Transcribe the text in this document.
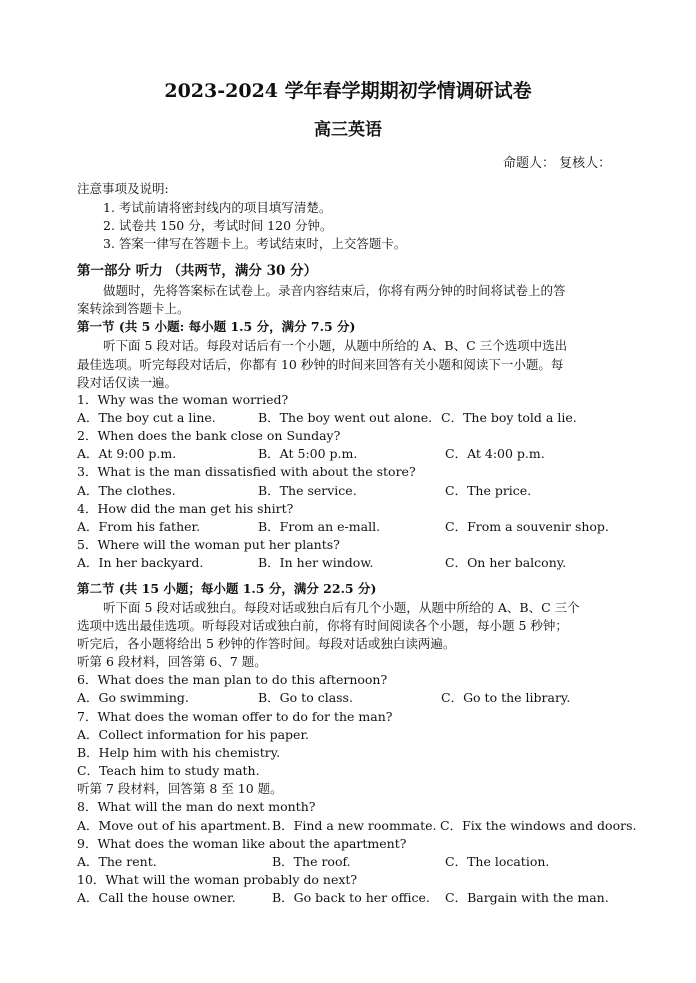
2023-2024 学年春学期期初学情调研试卷
高三英语
命题人： 复核人：
注意事项及说明:
1. 考试前请将密封线内的项目填写清楚。
2. 试卷共 150 分，考试时间 120 分钟。
3. 答案一律写在答题卡上。考试结束时，上交答题卡。
第一部分 听力 （共两节，满分 30 分）
做题时，先将答案标在试卷上。录音内容结束后，你将有两分钟的时间将试卷上的答
案转涂到答题卡上。
第一节 (共 5 小题: 每小题 1.5 分，满分 7.5 分)
听下面 5 段对话。每段对话后有一个小题，从题中所给的 A、B、C 三个选项中选出
最佳选项。听完每段对话后，你都有 10 秒钟的时间来回答有关小题和阅读下一小题。每
段对话仅读一遍。
1．Why was the woman worried?
A．The boy cut a line.	B．The boy went out alone. C．The boy told a lie.
2．When does the bank close on Sunday?
A．At 9:00 p.m.	B．At 5:00 p.m.	C．At 4:00 p.m.
3．What is the man dissatisfied with about the store?
A．The clothes.	B．The service.	C．The price.
4．How did the man get his shirt?
A．From his father.	B．From an e-mall.	C．From a souvenir shop.
5．Where will the woman put her plants?
A．In her backyard.	B．In her window.	C．On her balcony.
第二节 (共 15 小题；每小题 1.5 分，满分 22.5 分)
听下面 5 段对话或独白。每段对话或独白后有几个小题，从题中所给的 A、B、C 三个
选项中选出最佳选项。听每段对话或独白前，你将有时间阅读各个小题，每小题 5 秒钟；
听完后，各小题将给出 5 秒钟的作答时间。每段对话或独白读两遍。
听第 6 段材料，回答第 6、7 题。
6．What does the man plan to do this afternoon?
A．Go swimming.	B．Go to class.	C．Go to the library.
7．What does the woman offer to do for the man?
A．Collect information for his paper.
B．Help him with his chemistry.
C．Teach him to study math.
听第 7 段材料，回答第 8 至 10 题。
8．What will the man do next month?
A．Move out of his apartment. B．Find a new roommate. C．Fix the windows and doors.
9．What does the woman like about the apartment?
A．The rent.	B．The roof.	C．The location.
10．What will the woman probably do next?
A．Call the house owner.	B．Go back to her office. C．Bargain with the man.
